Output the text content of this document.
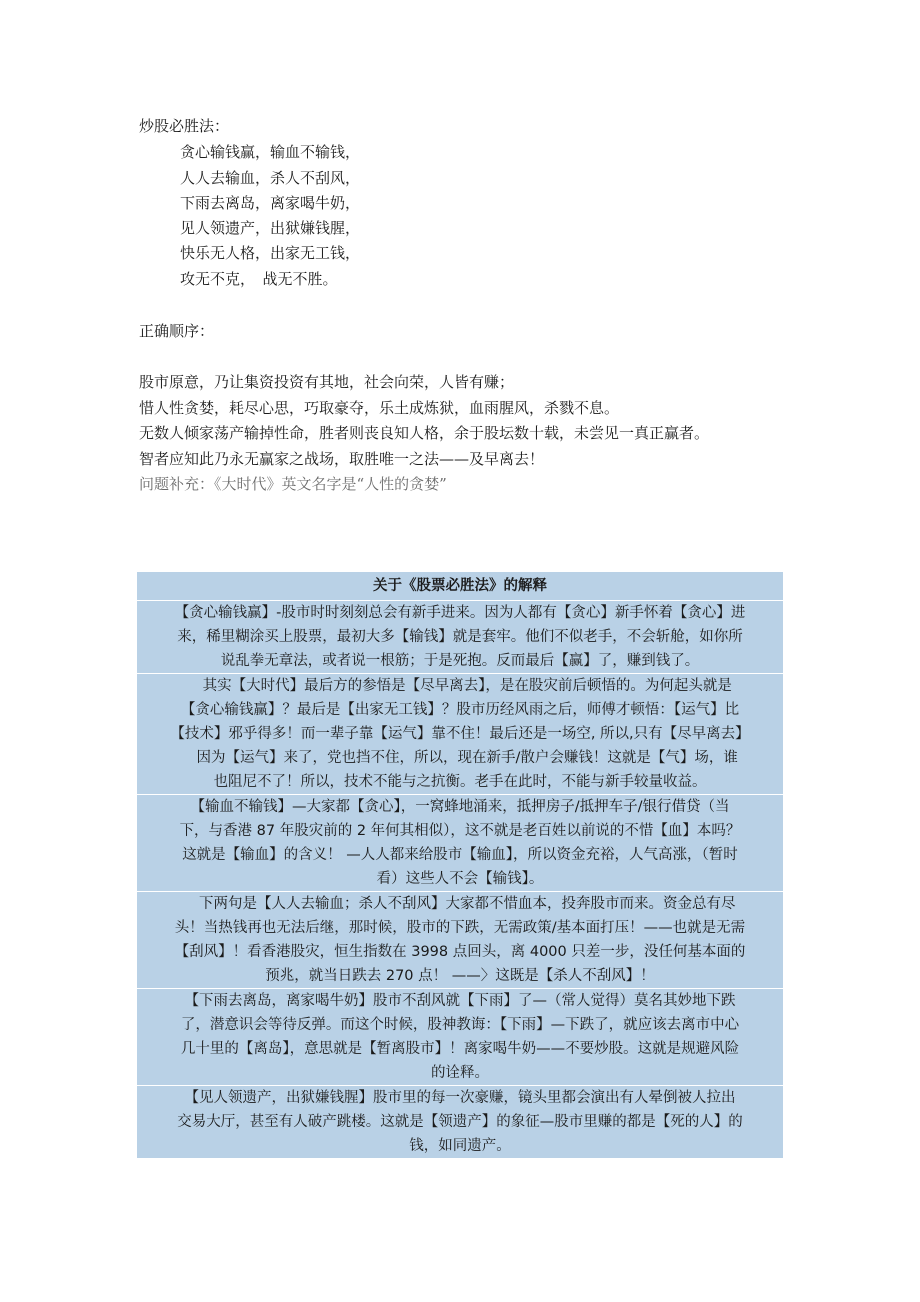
炒股必胜法：
贪心输钱赢，输血不输钱，
人人去输血，杀人不刮风，
下雨去离岛，离家喝牛奶，
见人领遗产，出狱嫌钱腥，
快乐无人格，出家无工钱，
攻无不克，　战无不胜。
正确顺序：
股市原意，乃让集资投资有其地，社会向荣，人皆有赚；
惜人性贪婪，耗尽心思，巧取豪夺，乐土成炼狱，血雨腥风，杀戮不息。
无数人倾家荡产输掉性命，胜者则丧良知人格，余于股坛数十载，未尝见一真正赢者。
智者应知此乃永无赢家之战场，取胜唯一之法——及早离去！
问题补充：《大时代》英文名字是“人性的贪婪”
关于《股票必胜法》的解释
【贪心输钱赢】-股市时时刻刻总会有新手进来。因为人都有【贪心】新手怀着【贪心】进
来，稀里糊涂买上股票，最初大多【输钱】就是套牢。他们不似老手，不会斩舱，如你所
说乱拳无章法，或者说一根筋；于是死抱。反而最后【赢】了，赚到钱了。
　其实【大时代】最后方的参悟是【尽早离去】，是在股灾前后顿悟的。为何起头就是
【贪心输钱赢】？最后是【出家无工钱】？股市历经风雨之后，师傅才顿悟：【运气】比
【技术】邪乎得多！而一辈子靠【运气】靠不住！最后还是一场空, 所以,只有【尽早离去】
　因为【运气】来了，党也挡不住，所以，现在新手/散户会赚钱！这就是【气】场，谁
也阻尼不了！所以，技术不能与之抗衡。老手在此时，不能与新手较量收益。
【输血不输钱】—大家都【贪心】，一窝蜂地涌来，抵押房子/抵押车子/银行借贷（当
下，与香港 87 年股灾前的 2 年何其相似），这不就是老百姓以前说的不惜【血】本吗？
这就是【输血】的含义！ —人人都来给股市【输血】，所以资金充裕，人气高涨，（暂时
看）这些人不会【输钱】。
　下两句是【人人去输血；杀人不刮风】大家都不惜血本，投奔股市而来。资金总有尽
头！当热钱再也无法后继，那时候，股市的下跌，无需政策/基本面打压！——也就是无需
【刮风】！看香港股灾，恒生指数在 3998 点回头，离 4000 只差一步，没任何基本面的
预兆，就当日跌去 270 点！ ——〉这既是【杀人不刮风】！
【下雨去离岛，离家喝牛奶】股市不刮风就【下雨】了—（常人觉得）莫名其妙地下跌
了，潜意识会等待反弹。而这个时候，股神教诲：【下雨】—下跌了，就应该去离市中心
几十里的【离岛】，意思就是【暂离股市】！离家喝牛奶——不要炒股。这就是规避风险
的诠释。
【见人领遗产，出狱嫌钱腥】股市里的每一次豪赚，镜头里都会演出有人晕倒被人拉出
交易大厅，甚至有人破产跳楼。这就是【领遗产】的象征—股市里赚的都是【死的人】的
钱，如同遗产。
